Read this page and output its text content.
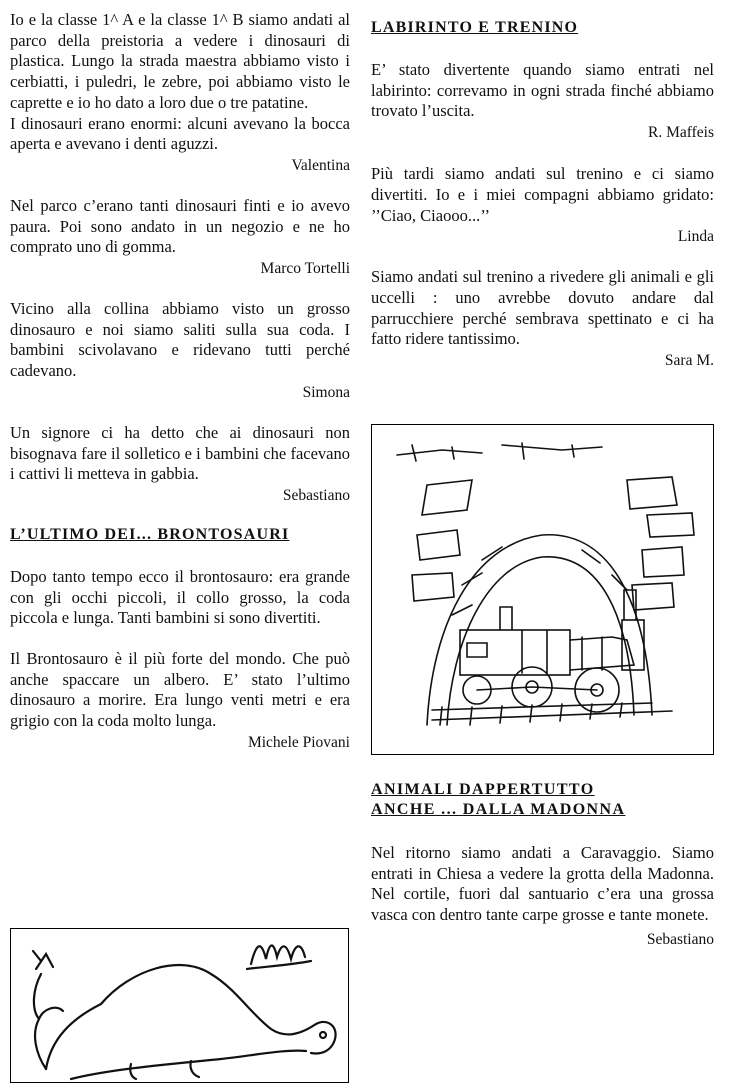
Io e la classe 1^ A e la classe 1^ B siamo andati al parco della preistoria a vedere i dinosauri di plastica. Lungo la strada maestra abbiamo visto i cerbiatti, i puledri, le zebre, poi abbiamo visto le caprette e io ho dato a loro due o tre patatine.

I dinosauri erano enormi: alcuni avevano la bocca aperta e avevano i denti aguzzi.

Valentina

Nel parco c’erano tanti dinosauri finti e io avevo paura. Poi sono andato in un negozio e ne ho comprato uno di gomma.

Marco Tortelli

Vicino alla collina abbiamo visto un grosso dinosauro e noi siamo saliti sulla sua coda. I bambini scivolavano e ridevano tutti perché cadevano.

Simona

Un signore ci ha detto che ai dinosauri non bisognava fare il solletico e i bambini che facevano i cattivi li metteva in gabbia.

Sebastiano

L’ULTIMO DEI... BRONTOSAURI

Dopo tanto tempo ecco il brontosauro: era grande con gli occhi piccoli, il collo grosso, la coda piccola e lunga. Tanti bambini si sono divertiti.

Il Brontosauro è il più forte del mondo. Che può anche spaccare un albero. E’ stato l’ultimo dinosauro a morire. Era lungo venti metri e era grigio con la coda molto lunga.

Michele Piovani

LABIRINTO E TRENINO

E’ stato divertente quando siamo entrati nel labirinto: correvamo in ogni strada finché abbiamo trovato l’uscita.

R. Maffeis

Più tardi siamo andati sul trenino e ci siamo divertiti. Io e i miei compagni abbiamo gridato: ’’Ciao, Ciaooo...’’

Linda

Siamo andati sul trenino a rivedere gli animali e gli uccelli : uno avrebbe dovuto andare dal parrucchiere perché sembrava spettinato e ci ha fatto ridere tantissimo.

Sara M.

ANIMALI DAPPERTUTTO

ANCHE ... DALLA MADONNA

Nel ritorno siamo andati a Caravaggio. Siamo entrati in Chiesa a vedere la grotta della Madonna. Nel cortile, fuori dal santuario c’era una grossa vasca con dentro tante carpe grosse e tante monete.

Sebastiano
